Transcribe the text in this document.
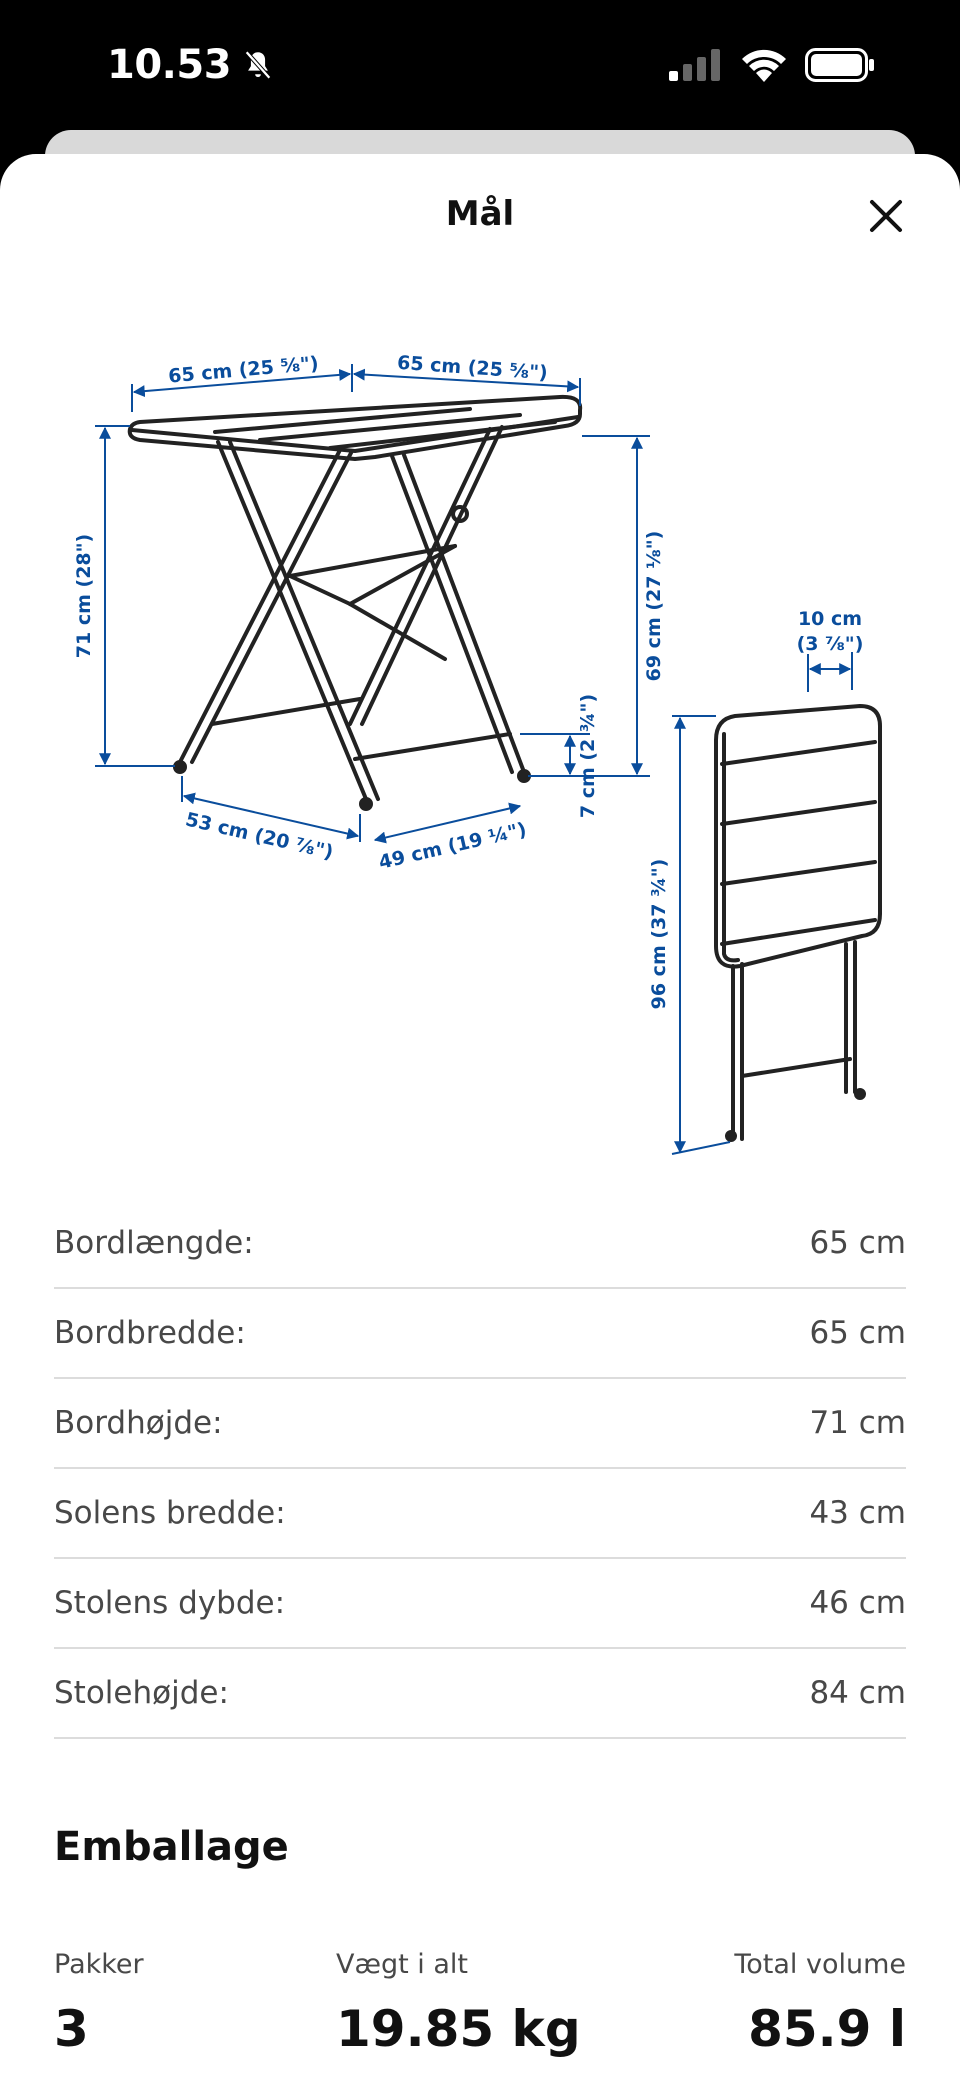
10.53
Mål
65 cm (25 ⅝")	65 cm (25 ⅝")
71 cm (28")	69 cm (27 ⅛")
7 cm (2 ¾")
53 cm (20 ⅞") 49 cm (19 ¼")
10 cm
(3 ⅞")
96 cm (37 ¾")
Bordlængde:	65 cm
Bordbredde:	65 cm
Bordhøjde:	71 cm
Solens bredde:	43 cm
Stolens dybde:	46 cm
Stolehøjde:	84 cm
Emballage
Pakker
3
Vægt i alt
19.85 kg
Total volume
85.9 l
